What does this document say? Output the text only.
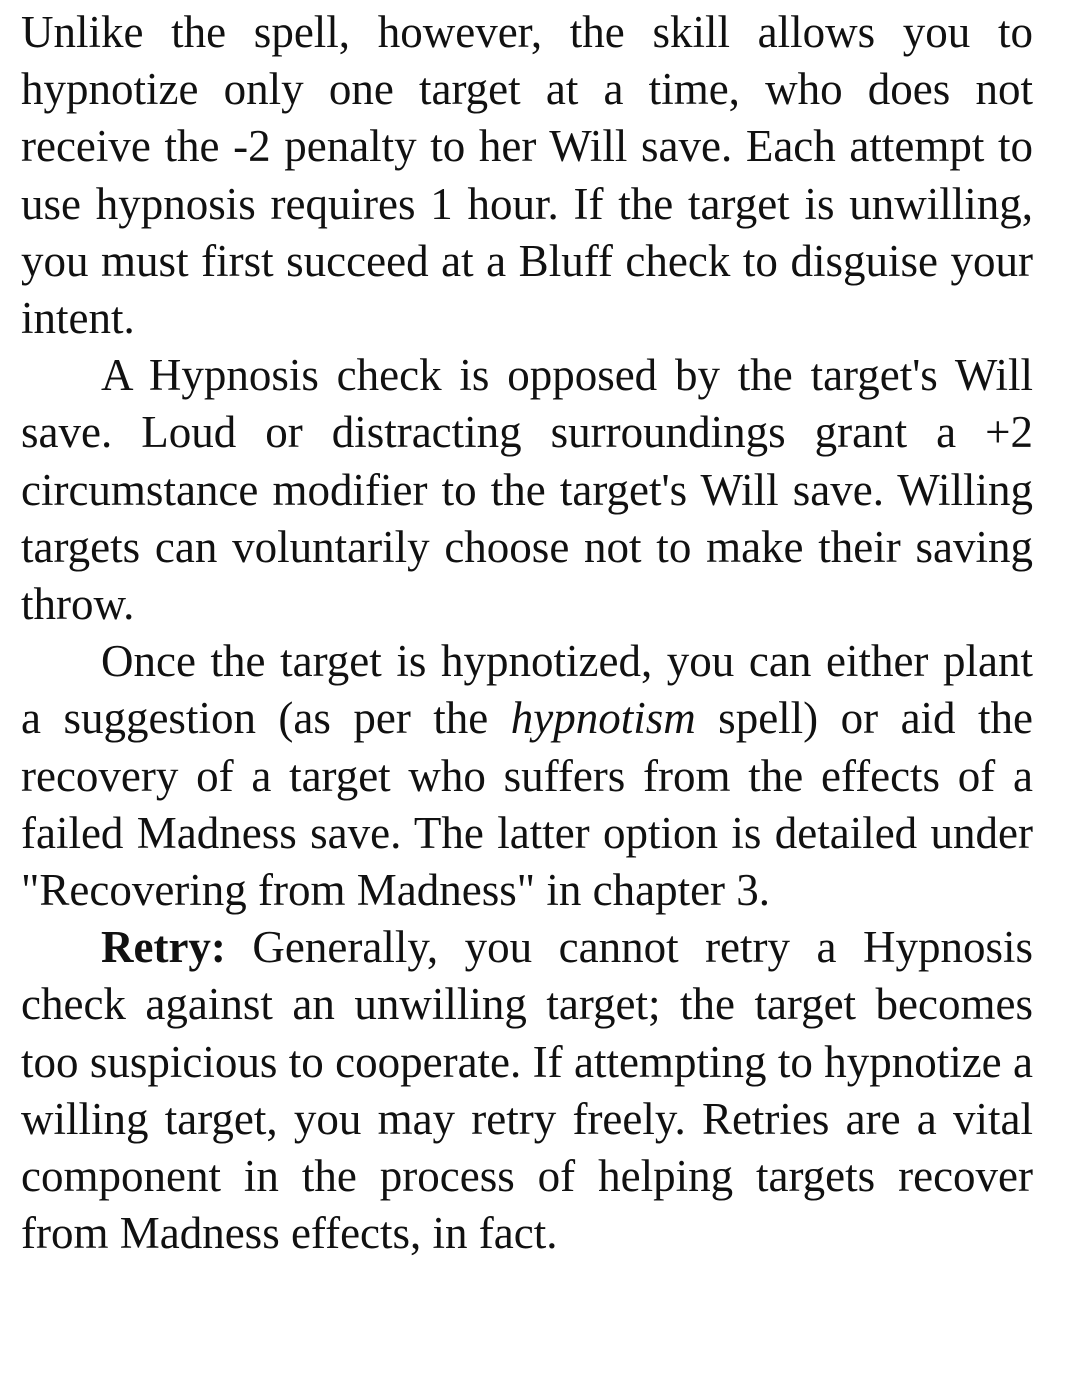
Unlike the spell, however, the skill allows you to hypnotize only one target at a time, who does not receive the -2 penalty to her Will save. Each attempt to use hypnosis requires 1 hour. If the target is unwilling, you must first succeed at a Bluff check to disguise your intent.

A Hypnosis check is opposed by the target's Will save. Loud or distracting surroundings grant a +2 circumstance modifier to the target's Will save. Willing targets can voluntarily choose not to make their saving throw.

Once the target is hypnotized, you can either plant a suggestion (as per the hypnotism spell) or aid the recovery of a target who suffers from the effects of a failed Madness save. The latter option is detailed under "Recovering from Madness" in chapter 3.

Retry: Generally, you cannot retry a Hypnosis check against an unwilling target; the target becomes too suspicious to cooperate. If attempting to hypnotize a willing target, you may retry freely. Retries are a vital component in the process of helping targets recover from Madness effects, in fact.
